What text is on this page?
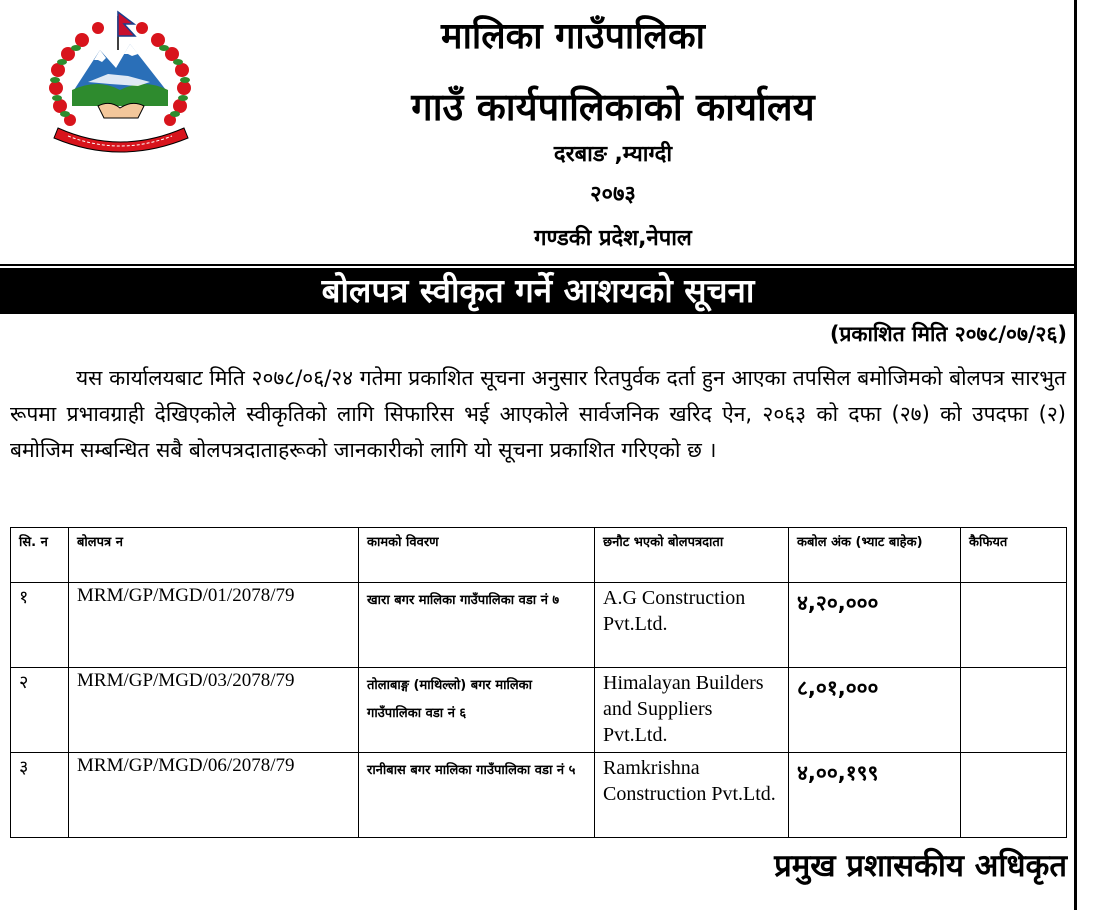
मालिका गाउँपालिका
गाउँ कार्यपालिकाको कार्यालय
दरबाङ ,म्याग्दी
२०७३
गण्डकी प्रदेश,नेपाल
बोलपत्र स्वीकृत गर्ने आशयको सूचना
(प्रकाशित मिति २०७८/०७/२६)
यस कार्यालयबाट मिति २०७८/०६/२४ गतेमा प्रकाशित सूचना अनुसार रितपुर्वक दर्ता हुन आएका तपसिल बमोजिमको बोलपत्र सारभुत रूपमा प्रभावग्राही देखिएकोले स्वीकृतिको लागि सिफारिस भई आएकोले सार्वजनिक खरिद ऐन, २०६३ को दफा (२७) को उपदफा (२) बमोजिम सम्बन्धित सबै बोलपत्रदाताहरूको जानकारीको लागि यो सूचना प्रकाशित गरिएको छ ।
सि. न	बोलपत्र न	कामको विवरण	छनौट भएको बोलपत्रदाता	कबोल अंक (भ्याट बाहेक)	कैफियत
१	MRM/GP/MGD/01/2078/79	खारा बगर मालिका गाउँपालिका वडा नं ७	A.G Construction Pvt.Ltd.	४,२०,०००	
२	MRM/GP/MGD/03/2078/79	तोलाबाङ्ग (माथिल्लो) बगर मालिका गाउँपालिका वडा नं ६	Himalayan Builders and Suppliers Pvt.Ltd.	८,०१,०००	
३	MRM/GP/MGD/06/2078/79	रानीबास बगर मालिका गाउँपालिका वडा नं ५	Ramkrishna Construction Pvt.Ltd.	४,००,१९९	
प्रमुख प्रशासकीय अधिकृत
